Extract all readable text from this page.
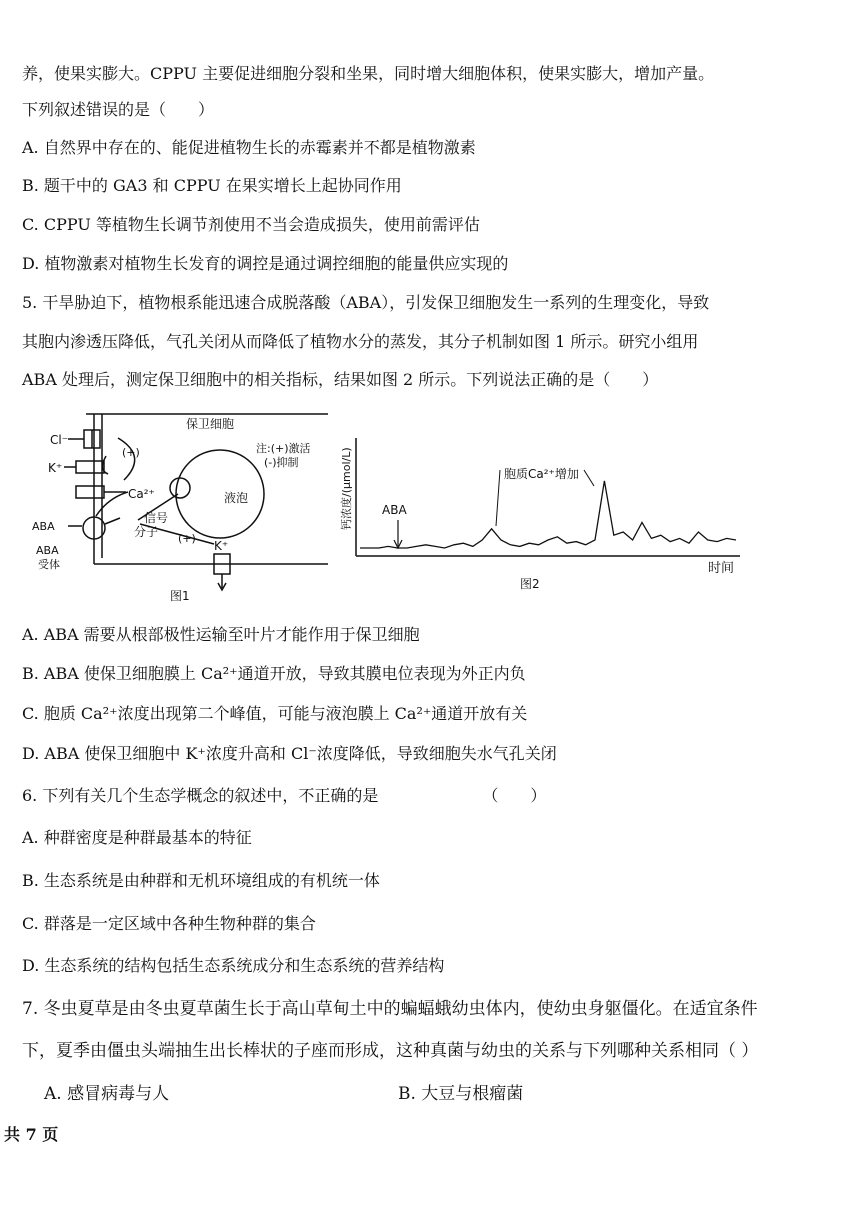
养，使果实膨大。CPPU 主要促进细胞分裂和坐果，同时增大细胞体积，使果实膨大，增加产量。
下列叙述错误的是（　　）
A. 自然界中存在的、能促进植物生长的赤霉素并不都是植物激素
B. 题干中的 GA3 和 CPPU 在果实增长上起协同作用
C. CPPU 等植物生长调节剂使用不当会造成损失，使用前需评估
D. 植物激素对植物生长发育的调控是通过调控细胞的能量供应实现的
5. 干旱胁迫下，植物根系能迅速合成脱落酸（ABA），引发保卫细胞发生一系列的生理变化，导致
其胞内渗透压降低，气孔关闭从而降低了植物水分的蒸发，其分子机制如图 1 所示。研究小组用
ABA 处理后，测定保卫细胞中的相关指标，结果如图 2 所示。下列说法正确的是（　　）
保卫细胞
Cl⁻
K⁺
Ca²⁺
(+)
(+)
ABA
ABA
受体
信号
分子
K⁺
液泡
注:(+)激活
(-)抑制
图1
钙浓度/(μmol/L) ABA
胞质Ca²⁺增加
时间
图2
A. ABA 需要从根部极性运输至叶片才能作用于保卫细胞
B. ABA 使保卫细胞膜上 Ca²⁺通道开放，导致其膜电位表现为外正内负
C. 胞质 Ca²⁺浓度出现第二个峰值，可能与液泡膜上 Ca²⁺通道开放有关
D. ABA 使保卫细胞中 K⁺浓度升高和 Cl⁻浓度降低，导致细胞失水气孔关闭
6. 下列有关几个生态学概念的叙述中，不正确的是　　　　　　　（　　）
A. 种群密度是种群最基本的特征
B. 生态系统是由种群和无机环境组成的有机统一体
C. 群落是一定区域中各种生物种群的集合
D. 生态系统的结构包括生态系统成分和生态系统的营养结构
7. 冬虫夏草是由冬虫夏草菌生长于高山草甸土中的蝙蝠蛾幼虫体内，使幼虫身躯僵化。在适宜条件
下，夏季由僵虫头端抽生出长棒状的子座而形成，这种真菌与幼虫的关系与下列哪种关系相同（ ）
A. 感冒病毒与人	B. 大豆与根瘤菌
共 7 页
